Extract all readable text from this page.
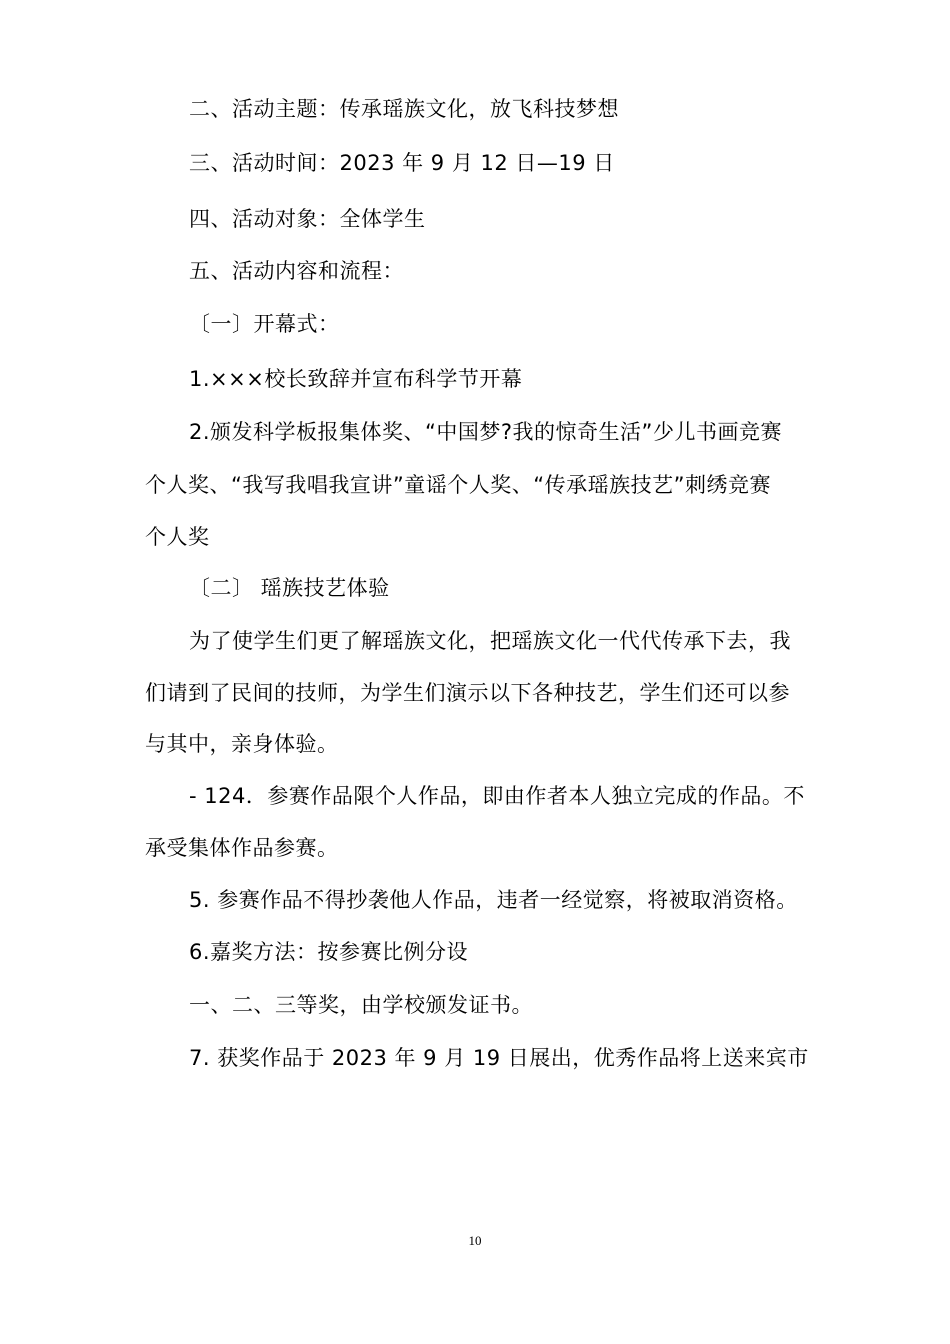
二、活动主题：传承瑶族文化，放飞科技梦想
三、活动时间：2023 年 9 月 12 日—19 日
四、活动对象：全体学生
五、活动内容和流程：
〔一〕开幕式：
1.×××校长致辞并宣布科学节开幕
2.颁发科学板报集体奖、“中国梦?我的惊奇生活”少儿书画竞赛
个人奖、“我写我唱我宣讲”童谣个人奖、“传承瑶族技艺”刺绣竞赛
个人奖
〔二〕 瑶族技艺体验
为了使学生们更了解瑶族文化，把瑶族文化一代代传承下去，我
们请到了民间的技师，为学生们演示以下各种技艺，学生们还可以参
与其中，亲身体验。
- 124．参赛作品限个人作品，即由作者本人独立完成的作品。不
承受集体作品参赛。
5. 参赛作品不得抄袭他人作品，违者一经觉察，将被取消资格。
6.嘉奖方法：按参赛比例分设
一、二、三等奖，由学校颁发证书。
7. 获奖作品于 2023 年 9 月 19 日展出，优秀作品将上送来宾市
10
